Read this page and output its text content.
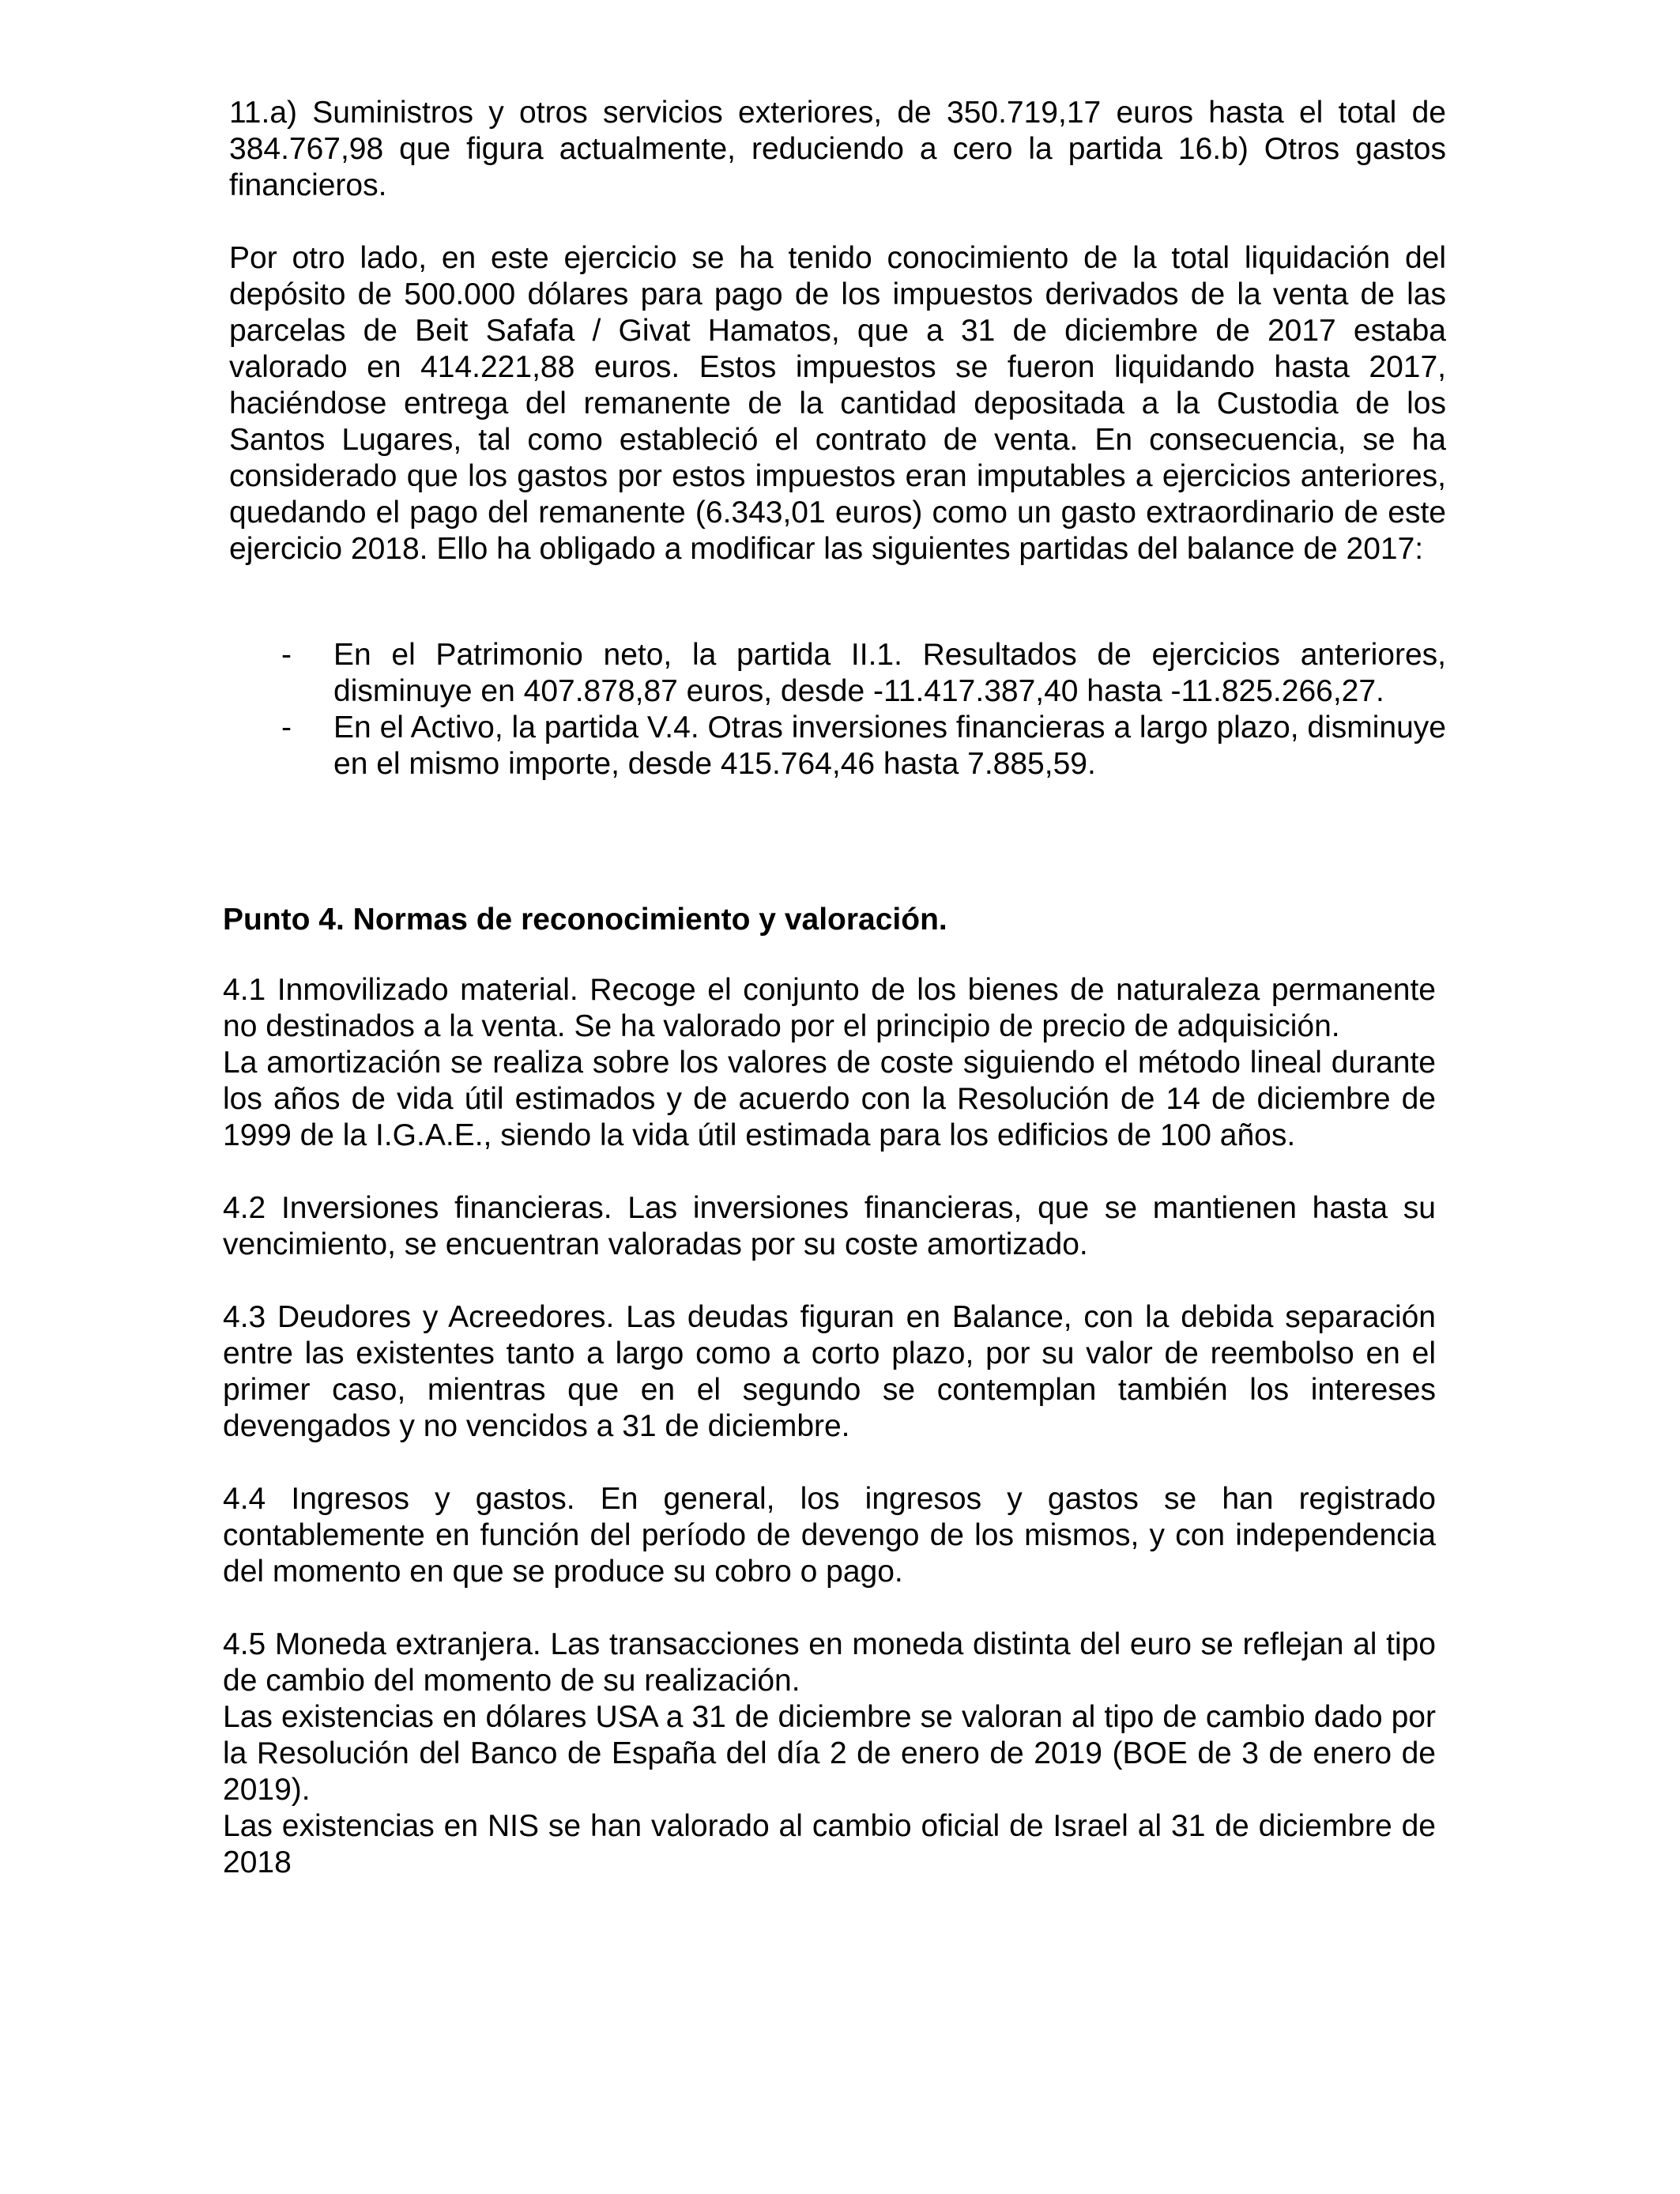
11.a) Suministros y otros servicios exteriores, de 350.719,17 euros hasta el total de 384.767,98 que figura actualmente, reduciendo a cero la partida 16.b) Otros gastos financieros.

Por otro lado, en este ejercicio se ha tenido conocimiento de la total liquidación del depósito de 500.000 dólares para pago de los impuestos derivados de la venta de las parcelas de Beit Safafa / Givat Hamatos, que a 31 de diciembre de 2017 estaba valorado en 414.221,88 euros. Estos impuestos se fueron liquidando hasta 2017, haciéndose entrega del remanente de la cantidad depositada a la Custodia de los Santos Lugares, tal como estableció el contrato de venta. En consecuencia, se ha considerado que los gastos por estos impuestos eran imputables a ejercicios anteriores, quedando el pago del remanente (6.343,01 euros) como un gasto extraordinario de este ejercicio 2018. Ello ha obligado a modificar las siguientes partidas del balance de 2017:

- En el Patrimonio neto, la partida II.1. Resultados de ejercicios anteriores, disminuye en 407.878,87 euros, desde -11.417.387,40 hasta -11.825.266,27.
- En el Activo, la partida V.4. Otras inversiones financieras a largo plazo, disminuye en el mismo importe, desde 415.764,46 hasta 7.885,59.

Punto 4. Normas de reconocimiento y valoración.

4.1 Inmovilizado material. Recoge el conjunto de los bienes de naturaleza permanente no destinados a la venta. Se ha valorado por el principio de precio de adquisición.

La amortización se realiza sobre los valores de coste siguiendo el método lineal durante los años de vida útil estimados y de acuerdo con la Resolución de 14 de diciembre de 1999 de la I.G.A.E., siendo la vida útil estimada para los edificios de 100 años.

4.2 Inversiones financieras. Las inversiones financieras, que se mantienen hasta su vencimiento, se encuentran valoradas por su coste amortizado.

4.3 Deudores y Acreedores. Las deudas figuran en Balance, con la debida separación entre las existentes tanto a largo como a corto plazo, por su valor de reembolso en el primer caso, mientras que en el segundo se contemplan también los intereses devengados y no vencidos a 31 de diciembre.

4.4 Ingresos y gastos. En general, los ingresos y gastos se han registrado contablemente en función del período de devengo de los mismos, y con independencia del momento en que se produce su cobro o pago.

4.5 Moneda extranjera. Las transacciones en moneda distinta del euro se reflejan al tipo de cambio del momento de su realización.

Las existencias en dólares USA a 31 de diciembre se valoran al tipo de cambio dado por la Resolución del Banco de España del día 2 de enero de 2019 (BOE de 3 de enero de 2019).

Las existencias en NIS se han valorado al cambio oficial de Israel al 31 de diciembre de 2018
